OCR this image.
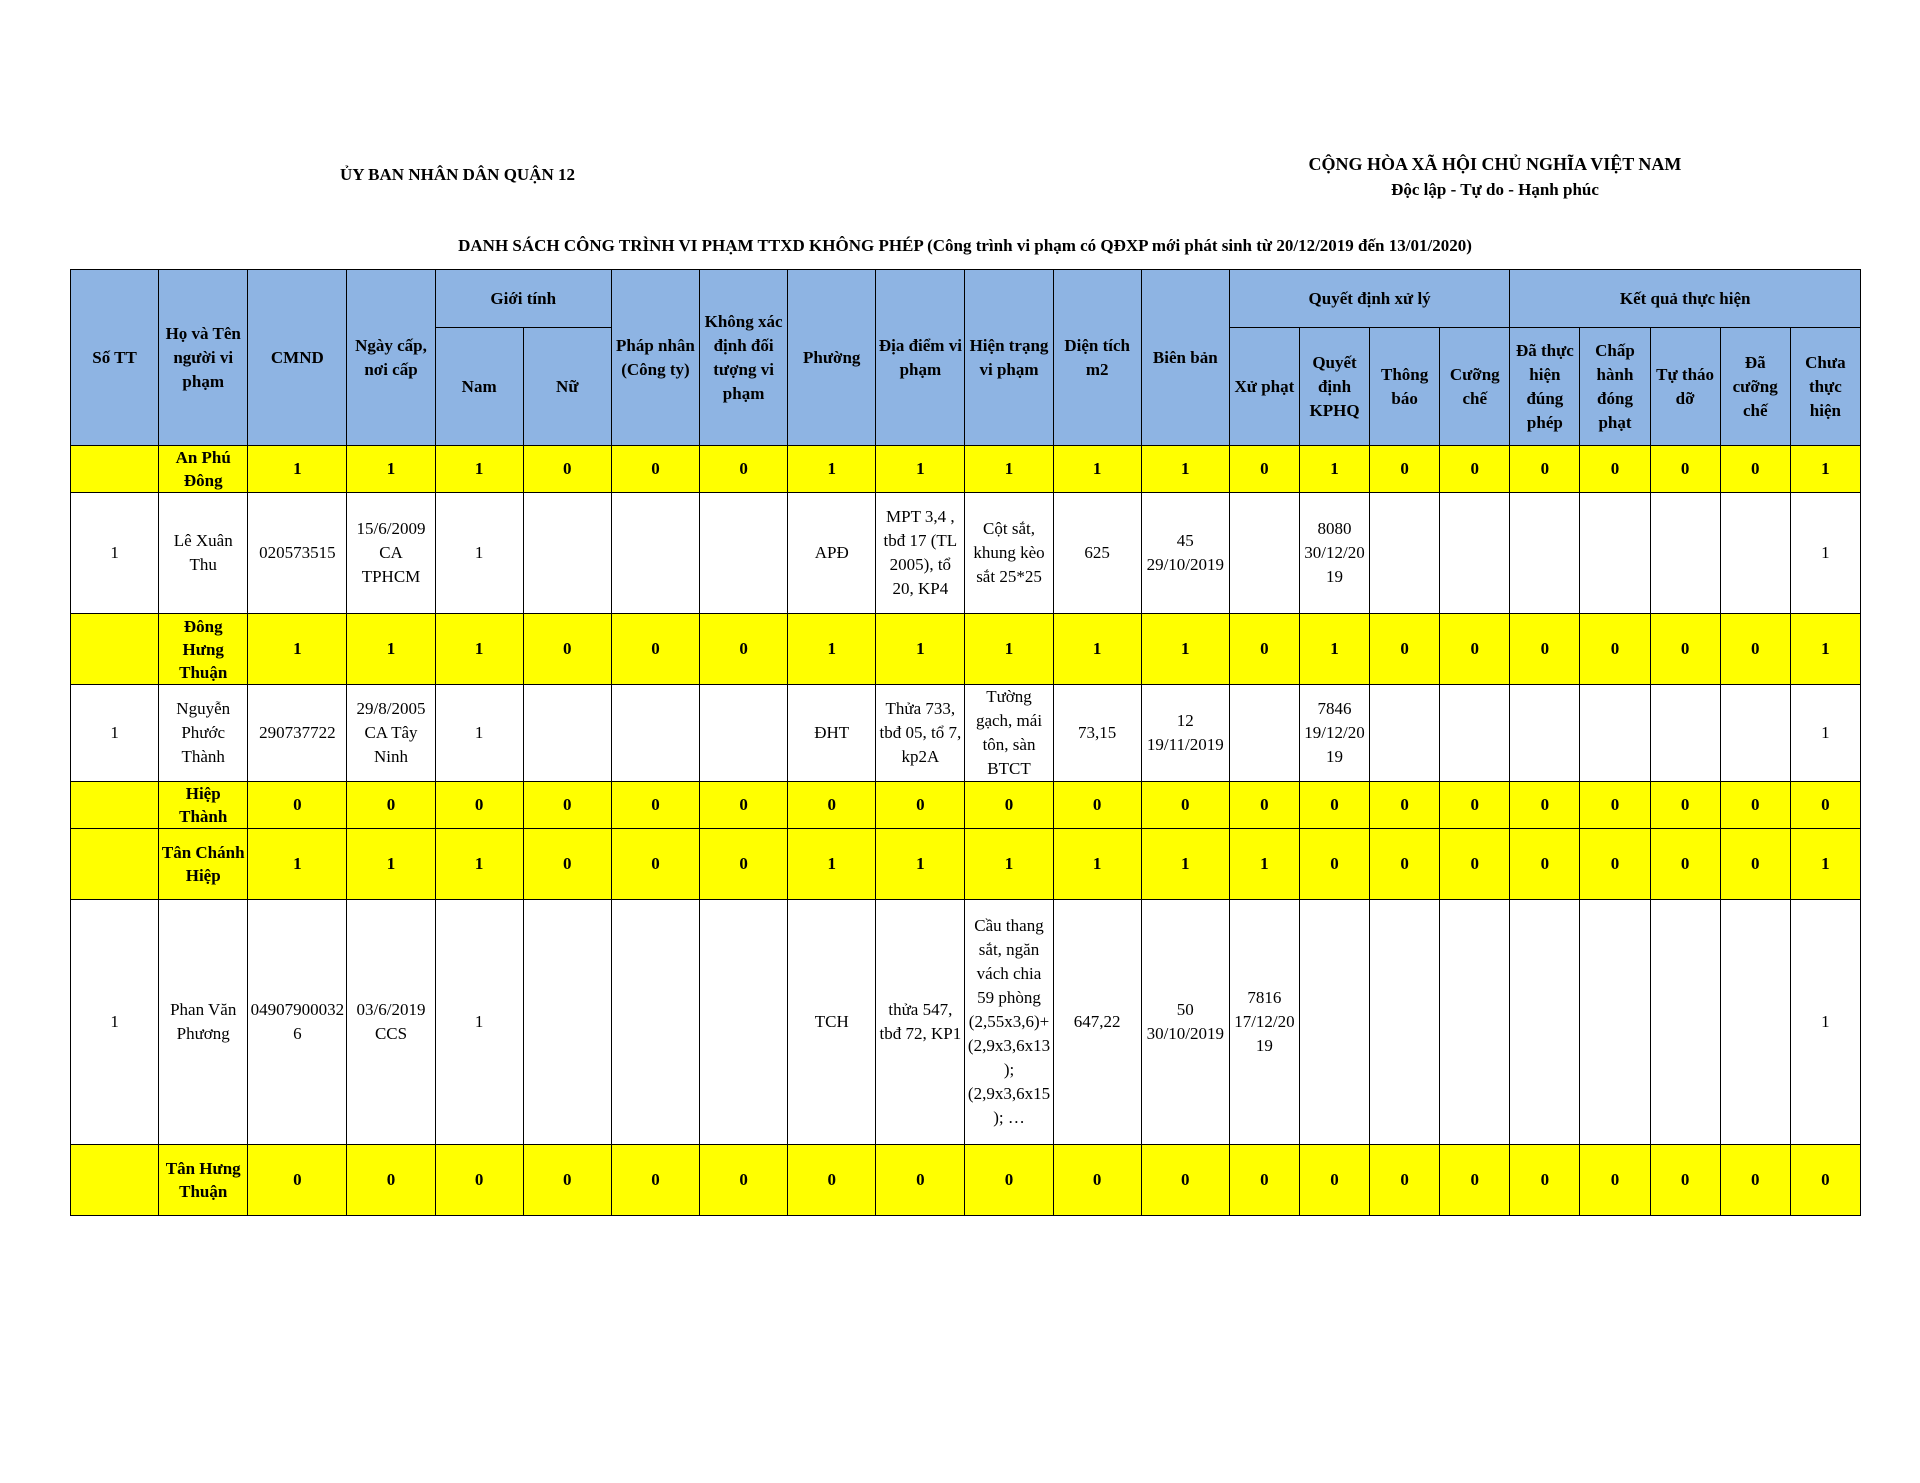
ỦY BAN NHÂN DÂN QUẬN 12
CỘNG HÒA XÃ HỘI CHỦ NGHĨA VIỆT NAM
Độc lập - Tự do - Hạnh phúc
DANH SÁCH CÔNG TRÌNH VI PHẠM TTXD KHÔNG PHÉP (Công trình vi phạm có QĐXP mới phát sinh từ 20/12/2019 đến 13/01/2020)
Số TT	Họ và Tên người vi phạm	CMND	Ngày cấp, nơi cấp	Giới tính		Pháp nhân (Công ty)	Không xác định đối tượng vi phạm	Phường	Địa điểm vi phạm	Hiện trạng vi phạm	Diện tích m2	Biên bản	Quyết định xử lý				Kết quả thực hiện				
				Nam	Nữ								Xử phạt	Quyết định KPHQ	Thông báo	Cưỡng chế	Đã thực hiện đúng phép	Chấp hành đóng phạt	Tự tháo dỡ	Đã cưỡng chế	Chưa thực hiện
	An Phú Đông	1	1	1	0	0	0	1	1	1	1	1	0	1	0	0	0	0	0	0	1
1	Lê Xuân Thu	020573515	15/6/2009 CA TPHCM	1				APĐ	MPT 3,4 , tbđ 17 (TL 2005), tổ 20, KP4	Cột sắt, khung kèo sắt 25*25	625	45 29/10/2019		8080 30/12/2019							1
	Đông Hưng Thuận	1	1	1	0	0	0	1	1	1	1	1	0	1	0	0	0	0	0	0	1
1	Nguyễn Phước Thành	290737722	29/8/2005 CA Tây Ninh	1				ĐHT	Thửa 733, tbđ 05, tổ 7, kp2A	Tường gạch, mái tôn, sàn BTCT	73,15	12 19/11/2019		7846 19/12/2019							1
	Hiệp Thành	0	0	0	0	0	0	0	0	0	0	0	0	0	0	0	0	0	0	0	0
	Tân Chánh Hiệp	1	1	1	0	0	0	1	1	1	1	1	1	0	0	0	0	0	0	0	1
1	Phan Văn Phương	049079000326	03/6/2019 CCS	1				TCH	thửa 547, tbđ 72, KP1	Cầu thang sắt, ngăn vách chia 59 phòng (2,55x3,6)+(2,9x3,6x13);(2,9x3,6x15); …	647,22	50 30/10/2019	7816 17/12/2019								1
	Tân Hưng Thuận	0	0	0	0	0	0	0	0	0	0	0	0	0	0	0	0	0	0	0	0
